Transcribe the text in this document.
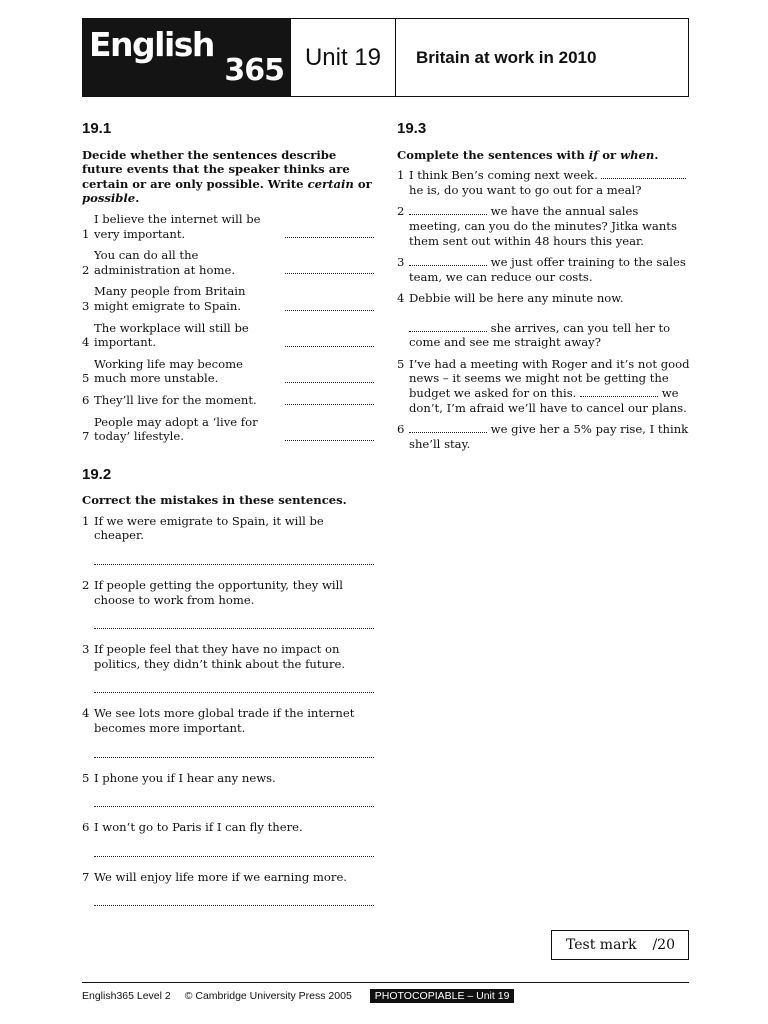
English
365 Unit 19	Britain at work in 2010
19.1
Decide whether the sentences describe future events that the speaker thinks are certain or are only possible. Write certain or possible.
1
I believe the internet will be very important.
2
You can do all the administration at home.
3
Many people from Britain might emigrate to Spain.
4
The workplace will still be important.
5
Working life may become much more unstable.
6 They’ll live for the moment.
7
People may adopt a ‘live for today’ lifestyle.
19.2
Correct the mistakes in these sentences.
1 If we were emigrate to Spain, it will be cheaper.
2 If people getting the opportunity, they will choose to work from home.
3 If people feel that they have no impact on politics, they didn’t think about the future.
4 We see lots more global trade if the internet becomes more important.
5 I phone you if I hear any news.
6 I won’t go to Paris if I can fly there.
7 We will enjoy life more if we earning more.
19.3
Complete the sentences with if or when.
1 I think Ben’s coming next week.
he is, do you want to go out for a meal?
2	we have the annual sales meeting, can you do the minutes? Jitka wants them sent out within 48 hours this year.
3	we just offer training to the sales team, we can reduce our costs.
4 Debbie will be here any minute now.

she arrives, can you tell her to come and see me straight away?
5 I’ve had a meeting with Roger and it’s not good news – it seems we might not be getting the budget we asked for on this.	we don’t, I’m afraid we’ll have to cancel our plans.
6	we give her a 5% pay rise, I think she’ll stay.
Test mark /20
English365 Level 2 © Cambridge University Press 2005	PHOTOCOPIABLE – Unit 19
